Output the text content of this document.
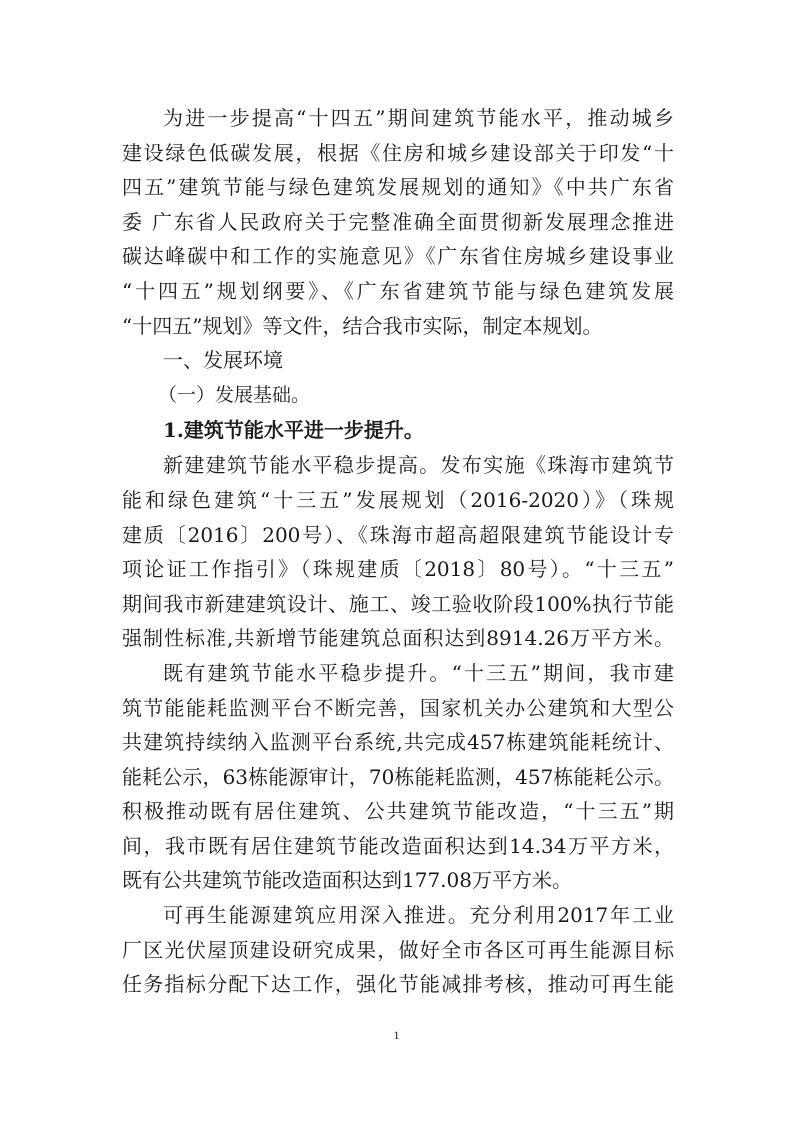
为进一步提高“十四五”期间建筑节能水平，推动城乡
建设绿色低碳发展，根据《住房和城乡建设部关于印发“十
四五”建筑节能与绿色建筑发展规划的通知》《中共广东省
委 广东省人民政府关于完整准确全面贯彻新发展理念推进
碳达峰碳中和工作的实施意见》《广东省住房城乡建设事业
“十四五”规划纲要》、《广东省建筑节能与绿色建筑发展
“十四五”规划》等文件，结合我市实际，制定本规划。
一、发展环境
（一）发展基础。
1.建筑节能水平进一步提升。
新建建筑节能水平稳步提高。发布实施《珠海市建筑节
能和绿色建筑“十三五”发展规划（2016-2020）》（珠规
建质〔2016〕200号）、《珠海市超高超限建筑节能设计专
项论证工作指引》（珠规建质〔2018〕80号）。“十三五”
期间我市新建建筑设计、施工、竣工验收阶段100%执行节能
强制性标准,共新增节能建筑总面积达到8914.26万平方米。
既有建筑节能水平稳步提升。“十三五”期间，我市建
筑节能能耗监测平台不断完善，国家机关办公建筑和大型公
共建筑持续纳入监测平台系统,共完成457栋建筑能耗统计、
能耗公示，63栋能源审计，70栋能耗监测，457栋能耗公示。
积极推动既有居住建筑、公共建筑节能改造，“十三五”期
间，我市既有居住建筑节能改造面积达到14.34万平方米，
既有公共建筑节能改造面积达到177.08万平方米。
可再生能源建筑应用深入推进。充分利用2017年工业
厂区光伏屋顶建设研究成果，做好全市各区可再生能源目标
任务指标分配下达工作，强化节能减排考核，推动可再生能
1
